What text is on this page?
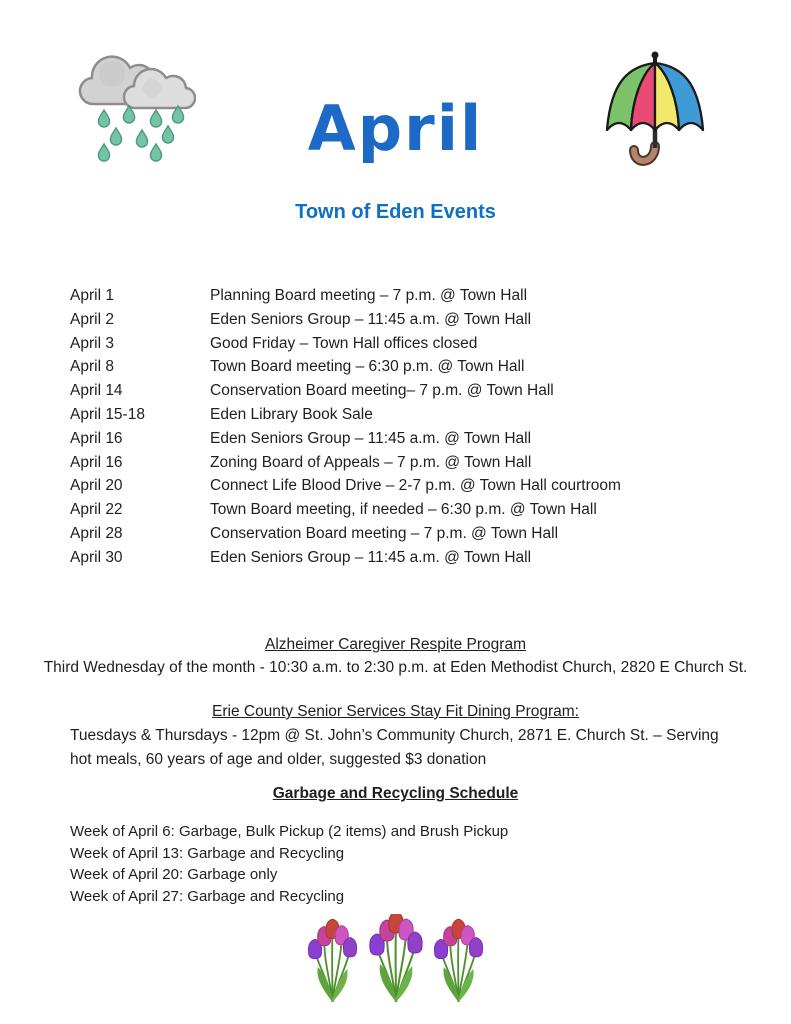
April
Town of Eden Events
April 1	Planning Board meeting – 7 p.m. @ Town Hall
April 2	Eden Seniors Group – 11:45 a.m. @ Town Hall
April 3	Good Friday – Town Hall offices closed
April 8	Town Board meeting – 6:30 p.m. @ Town Hall
April 14	Conservation Board meeting– 7 p.m. @ Town Hall
April 15-18	Eden Library Book Sale
April 16	Eden Seniors Group – 11:45 a.m. @ Town Hall
April 16	Zoning Board of Appeals – 7 p.m. @ Town Hall
April 20	Connect Life Blood Drive – 2-7 p.m. @ Town Hall courtroom
April 22	Town Board meeting, if needed – 6:30 p.m. @ Town Hall
April 28	Conservation Board meeting – 7 p.m. @ Town Hall
April 30	Eden Seniors Group – 11:45 a.m. @ Town Hall
Alzheimer Caregiver Respite Program
Third Wednesday of the month - 10:30 a.m. to 2:30 p.m. at Eden Methodist Church, 2820 E Church St.
Erie County Senior Services Stay Fit Dining Program:

Tuesdays & Thursdays - 12pm @ St. John’s Community Church, 2871 E. Church St. – Serving hot meals, 60 years of age and older, suggested $3 donation

Garbage and Recycling Schedule
Week of April 6: Garbage, Bulk Pickup (2 items) and Brush Pickup
Week of April 13: Garbage and Recycling
Week of April 20: Garbage only
Week of April 27: Garbage and Recycling
